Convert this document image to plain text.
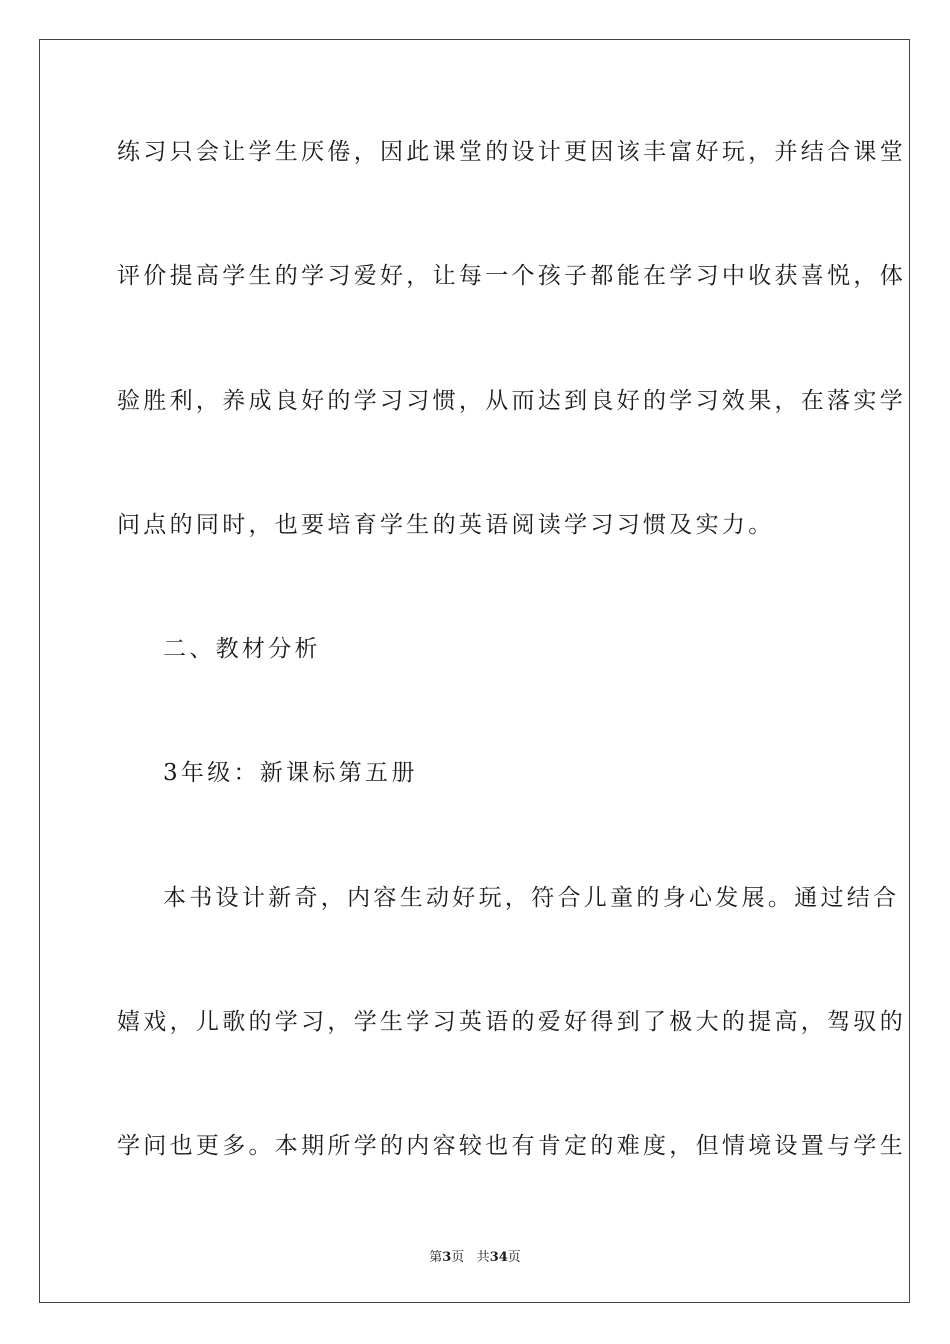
练习只会让学生厌倦，因此课堂的设计更因该丰富好玩，并结合课堂
评价提高学生的学习爱好，让每一个孩子都能在学习中收获喜悦，体
验胜利，养成良好的学习习惯，从而达到良好的学习效果，在落实学
问点的同时，也要培育学生的英语阅读学习习惯及实力。
二、教材分析
3年级：新课标第五册
本书设计新奇，内容生动好玩，符合儿童的身心发展。通过结合
嬉戏，儿歌的学习，学生学习英语的爱好得到了极大的提高，驾驭的
学问也更多。本期所学的内容较也有肯定的难度，但情境设置与学生
第3页 共34页
